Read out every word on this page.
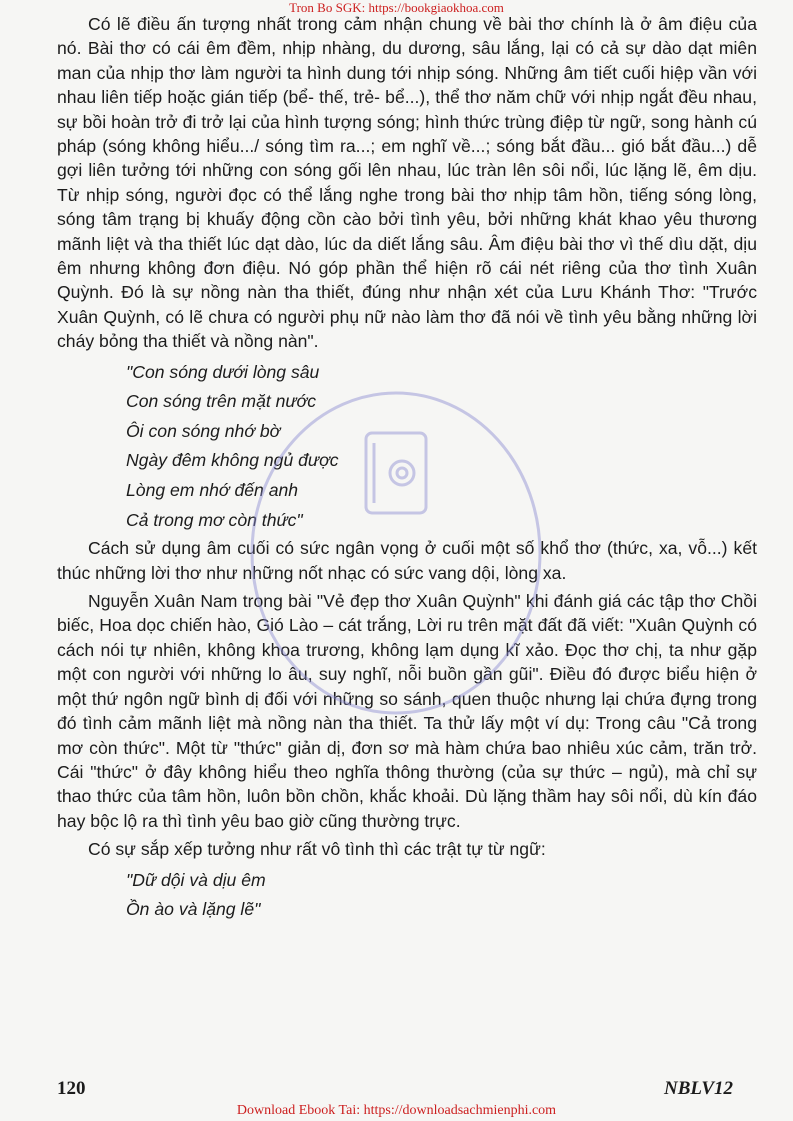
Tron Bo SGK: https://bookgiaokhoa.com

Có lẽ điều ấn tượng nhất trong cảm nhận chung về bài thơ chính là ở âm điệu của nó. Bài thơ có cái êm đềm, nhịp nhàng, du dương, sâu lắng, lại có cả sự dào dạt miên man của nhịp thơ làm người ta hình dung tới nhịp sóng. Những âm tiết cuối hiệp vần với nhau liên tiếp hoặc gián tiếp (bể- thế, trẻ- bể...), thể thơ năm chữ với nhịp ngắt đều nhau, sự bồi hoàn trở đi trở lại của hình tượng sóng; hình thức trùng điệp từ ngữ, song hành cú pháp (sóng không hiểu.../ sóng tìm ra...; em nghĩ về...; sóng bắt đầu... gió bắt đầu...) dễ gợi liên tưởng tới những con sóng gối lên nhau, lúc tràn lên sôi nổi, lúc lặng lẽ, êm dịu. Từ nhịp sóng, người đọc có thể lắng nghe trong bài thơ nhịp tâm hồn, tiếng sóng lòng, sóng tâm trạng bị khuấy động cồn cào bởi tình yêu, bởi những khát khao yêu thương mãnh liệt và tha thiết lúc dạt dào, lúc da diết lắng sâu. Âm điệu bài thơ vì thế dìu dặt, dịu êm nhưng không đơn điệu. Nó góp phần thể hiện rõ cái nét riêng của thơ tình Xuân Quỳnh. Đó là sự nồng nàn tha thiết, đúng như nhận xét của Lưu Khánh Thơ: "Trước Xuân Quỳnh, có lẽ chưa có người phụ nữ nào làm thơ đã nói về tình yêu bằng những lời cháy bỏng tha thiết và nồng nàn".

"Con sóng dưới lòng sâu
Con sóng trên mặt nước
Ôi con sóng nhớ bờ
Ngày đêm không ngủ được
Lòng em nhớ đến anh
Cả trong mơ còn thức"

Cách sử dụng âm cuối có sức ngân vọng ở cuối một số khổ thơ (thức, xa, vỗ...) kết thúc những lời thơ như những nốt nhạc có sức vang dội, lòng xa.

Nguyễn Xuân Nam trong bài "Vẻ đẹp thơ Xuân Quỳnh" khi đánh giá các tập thơ Chồi biếc, Hoa dọc chiến hào, Gió Lào – cát trắng, Lời ru trên mặt đất đã viết: "Xuân Quỳnh có cách nói tự nhiên, không khoa trương, không lạm dụng kĩ xảo. Đọc thơ chị, ta như gặp một con người với những lo âu, suy nghĩ, nỗi buồn gần gũi". Điều đó được biểu hiện ở một thứ ngôn ngữ bình dị đối với những so sánh, quen thuộc nhưng lại chứa đựng trong đó tình cảm mãnh liệt mà nồng nàn tha thiết. Ta thử lấy một ví dụ: Trong câu "Cả trong mơ còn thức". Một từ "thức" giản dị, đơn sơ mà hàm chứa bao nhiêu xúc cảm, trăn trở. Cái "thức" ở đây không hiểu theo nghĩa thông thường (của sự thức – ngủ), mà chỉ sự thao thức của tâm hồn, luôn bồn chồn, khắc khoải. Dù lặng thầm hay sôi nổi, dù kín đáo hay bộc lộ ra thì tình yêu bao giờ cũng thường trực.

Có sự sắp xếp tưởng như rất vô tình thì các trật tự từ ngữ:

"Dữ dội và dịu êm
Ồn ào và lặng lẽ"
120	NBLV12
Download Ebook Tai: https://downloadsachmienphi.com
